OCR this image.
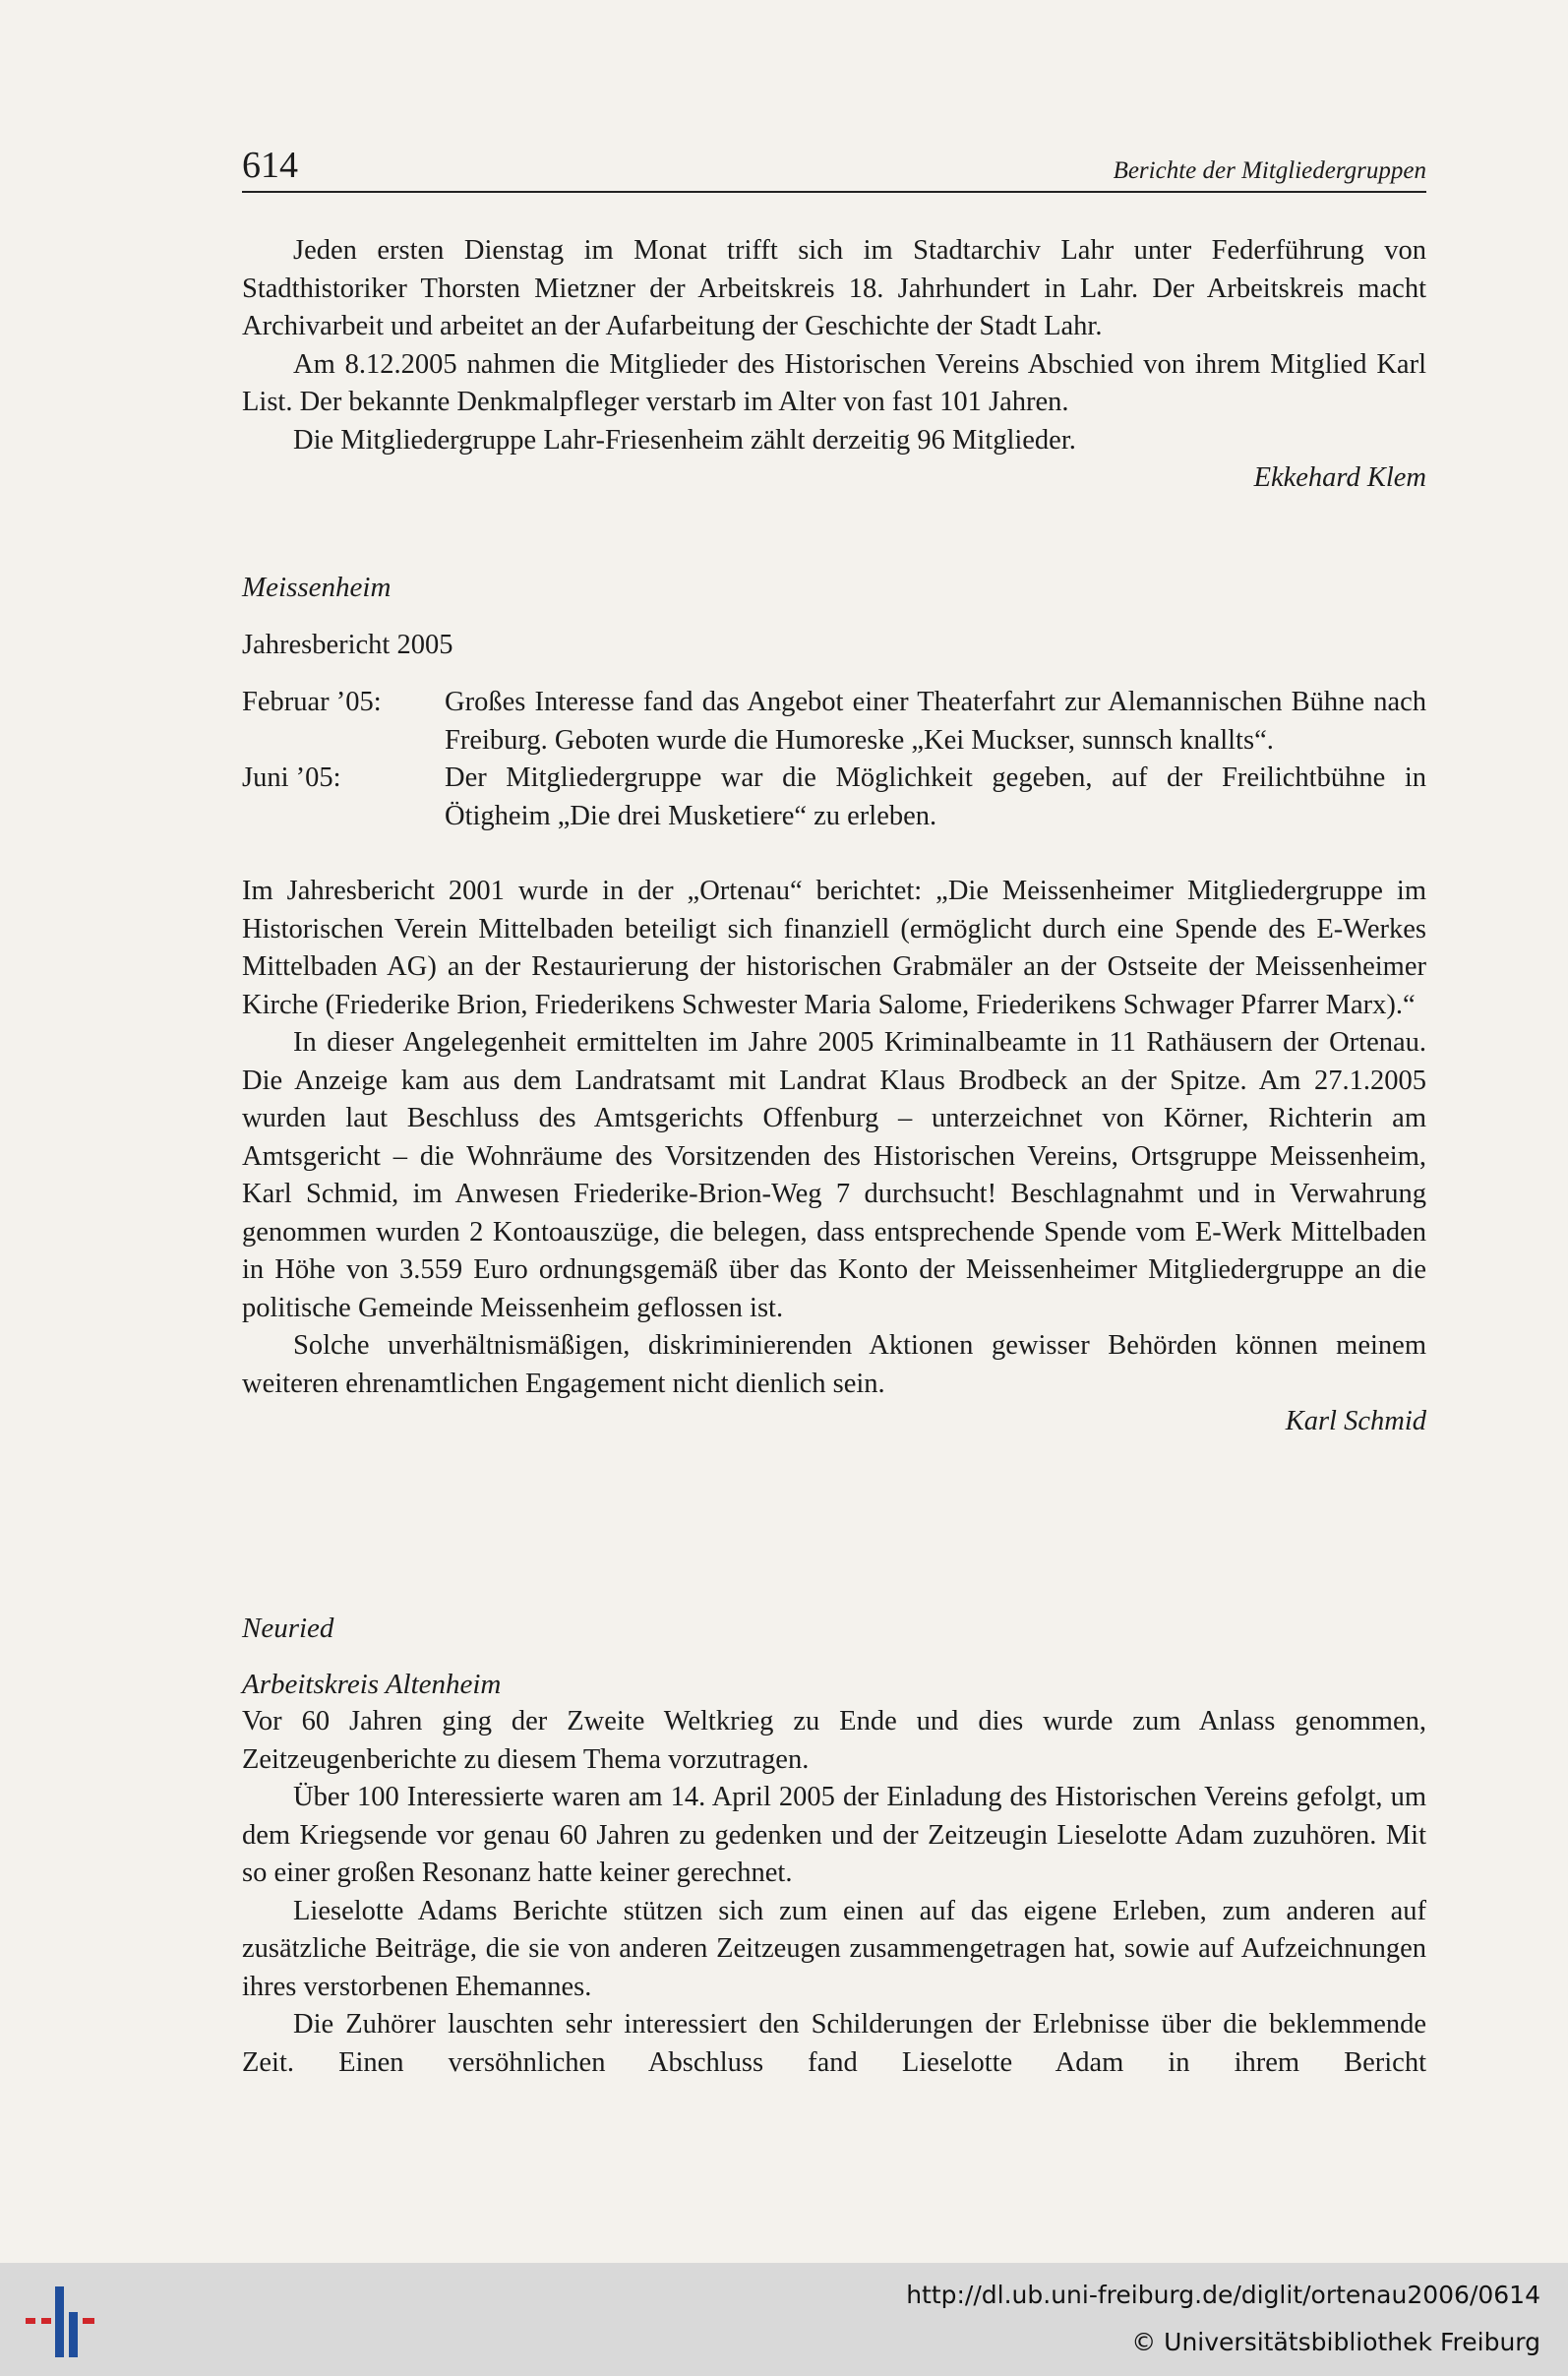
614	Berichte der Mitgliedergruppen

Jeden ersten Dienstag im Monat trifft sich im Stadtarchiv Lahr unter Federführung von Stadthistoriker Thorsten Mietzner der Arbeitskreis 18. Jahrhundert in Lahr. Der Arbeitskreis macht Archivarbeit und arbeitet an der Aufarbeitung der Geschichte der Stadt Lahr.

Am 8.12.2005 nahmen die Mitglieder des Historischen Vereins Abschied von ihrem Mitglied Karl List. Der bekannte Denkmalpfleger verstarb im Alter von fast 101 Jahren.

Die Mitgliedergruppe Lahr-Friesenheim zählt derzeitig 96 Mitglieder.

Ekkehard Klem
Meissenheim
Jahresbericht 2005
Februar ’05:	Großes Interesse fand das Angebot einer Theaterfahrt zur Alemannischen Bühne nach Freiburg. Geboten wurde die Humoreske „Kei Muckser, sunnsch knallts“.
Juni ’05:	Der Mitgliedergruppe war die Möglichkeit gegeben, auf der Freilichtbühne in Ötigheim „Die drei Musketiere“ zu erleben.

Im Jahresbericht 2001 wurde in der „Ortenau“ berichtet: „Die Meissenheimer Mitgliedergruppe im Historischen Verein Mittelbaden beteiligt sich finanziell (ermöglicht durch eine Spende des E-Werkes Mittelbaden AG) an der Restaurierung der historischen Grabmäler an der Ostseite der Meissenheimer Kirche (Friederike Brion, Friederikens Schwester Maria Salome, Friederikens Schwager Pfarrer Marx).“

In dieser Angelegenheit ermittelten im Jahre 2005 Kriminalbeamte in 11 Rathäusern der Ortenau. Die Anzeige kam aus dem Landratsamt mit Landrat Klaus Brodbeck an der Spitze. Am 27.1.2005 wurden laut Beschluss des Amtsgerichts Offenburg – unterzeichnet von Körner, Richterin am Amtsgericht – die Wohnräume des Vorsitzenden des Historischen Vereins, Ortsgruppe Meissenheim, Karl Schmid, im Anwesen Friederike-Brion-Weg 7 durchsucht! Beschlagnahmt und in Verwahrung genommen wurden 2 Kontoauszüge, die belegen, dass entsprechende Spende vom E-Werk Mittelbaden in Höhe von 3.559 Euro ordnungsgemäß über das Konto der Meissenheimer Mitgliedergruppe an die politische Gemeinde Meissenheim geflossen ist.

Solche unverhältnismäßigen, diskriminierenden Aktionen gewisser Behörden können meinem weiteren ehrenamtlichen Engagement nicht dienlich sein.

Karl Schmid
Neuried
Arbeitskreis Altenheim

Vor 60 Jahren ging der Zweite Weltkrieg zu Ende und dies wurde zum Anlass genommen, Zeitzeugenberichte zu diesem Thema vorzutragen.

Über 100 Interessierte waren am 14. April 2005 der Einladung des Historischen Vereins gefolgt, um dem Kriegsende vor genau 60 Jahren zu gedenken und der Zeitzeugin Lieselotte Adam zuzuhören. Mit so einer großen Resonanz hatte keiner gerechnet.

Lieselotte Adams Berichte stützen sich zum einen auf das eigene Erleben, zum anderen auf zusätzliche Beiträge, die sie von anderen Zeitzeugen zusammengetragen hat, sowie auf Aufzeichnungen ihres verstorbenen Ehemannes.

Die Zuhörer lauschten sehr interessiert den Schilderungen der Erlebnisse über die beklemmende Zeit. Einen versöhnlichen Abschluss fand Lieselotte Adam in ihrem Bericht

http://dl.ub.uni-freiburg.de/diglit/ortenau2006/0614
© Universitätsbibliothek Freiburg
